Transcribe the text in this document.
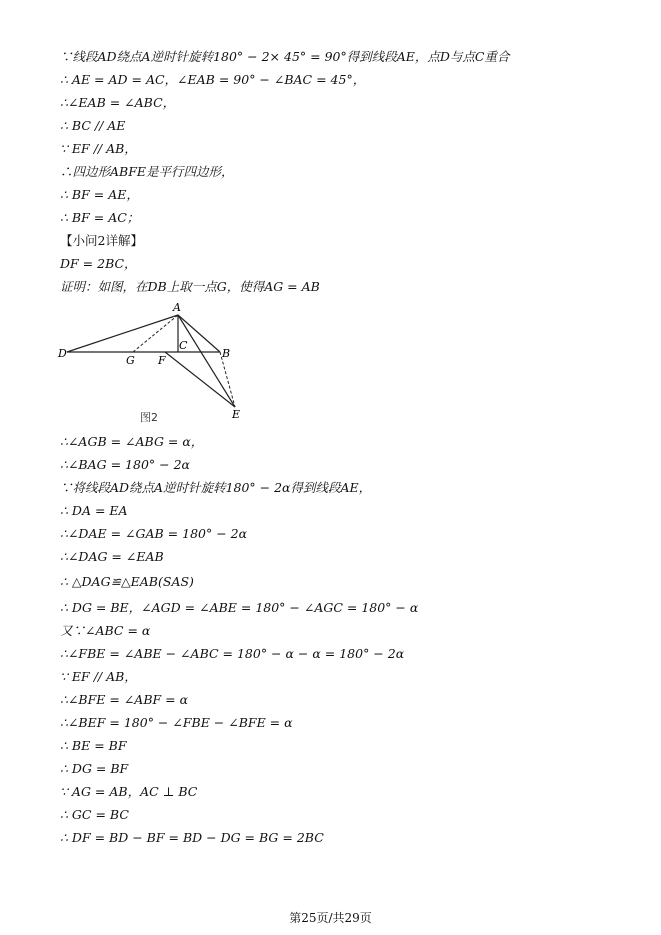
∵线段AD绕点A逆时针旋转180° − 2× 45° = 90°得到线段AE，点D与点C重合
∴ AE = AD = AC，∠EAB = 90° − ∠BAC = 45°，
∴∠EAB = ∠ABC，
∴ BC // AE
∵ EF // AB，
∴四边形ABFE是平行四边形，
∴ BF = AE，
∴ BF = AC；
【小问2详解】
DF = 2BC，
证明：如图，在DB上取一点G，使得AG = AB
A
B
C
D
E
F
G
图2
∴∠AGB = ∠ABG = α，
∴∠BAG = 180° − 2α
∵将线段AD绕点A逆时针旋转180° − 2α得到线段AE，
∴ DA = EA
∴∠DAE = ∠GAB = 180° − 2α
∴∠DAG = ∠EAB
∴ △DAG≌△EAB(SAS)
∴ DG = BE，∠AGD = ∠ABE = 180° − ∠AGC = 180° − α
又∵∠ABC = α
∴∠FBE = ∠ABE − ∠ABC = 180° − α − α = 180° − 2α
∵ EF // AB，
∴∠BFE = ∠ABF = α
∴∠BEF = 180° − ∠FBE − ∠BFE = α
∴ BE = BF
∴ DG = BF
∵ AG = AB，AC ⊥ BC
∴ GC = BC
∴ DF = BD − BF = BD − DG = BG = 2BC
第25页/共29页
